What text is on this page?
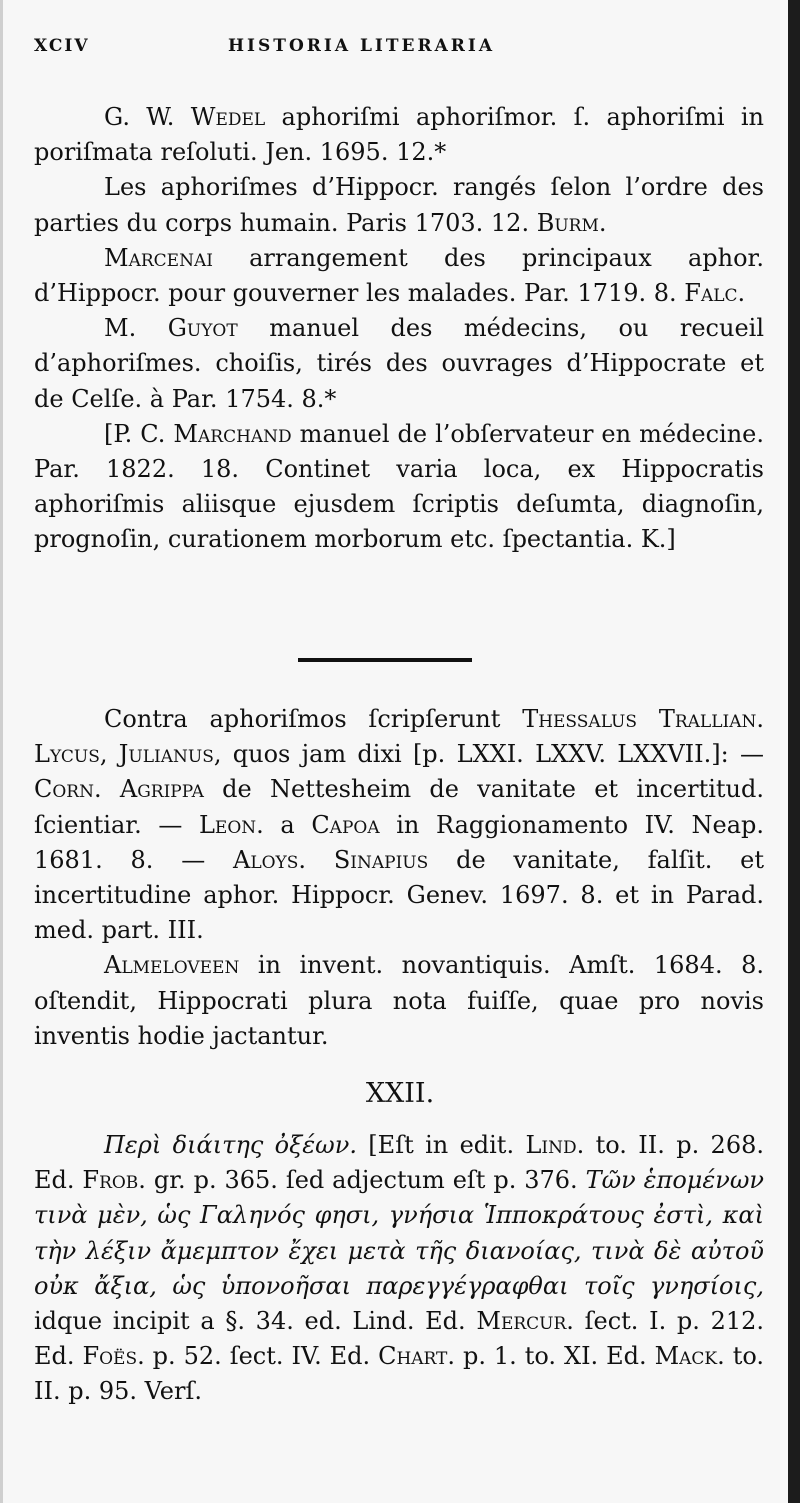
XCIV	HISTORIA LITERARIA

G. W. Wedel aphoriſmi aphoriſmor. ſ. aphoriſmi in poriſmata reſoluti. Jen. 1695. 12.*

Les aphoriſmes d’Hippocr. rangés ſelon l’ordre des parties du corps humain. Paris 1703. 12. Burm.

Marcenai arrangement des principaux aphor. d’Hippocr. pour gouverner les malades. Par. 1719. 8. Falc.

M. Guyot manuel des médecins, ou recueil d’aphoriſmes. choiſis, tirés des ouvrages d’Hippocrate et de Celſe. à Par. 1754. 8.*

[P. C. Marchand manuel de l’obſervateur en médecine. Par. 1822. 18. Continet varia loca, ex Hippocratis aphoriſmis aliisque ejusdem ſcriptis deſumta, diagnoſin, prognoſin, curationem morborum etc. ſpectantia. K.]

Contra aphoriſmos ſcripſerunt Thessalus Trallian. Lycus, Julianus, quos jam dixi [p. LXXI. LXXV. LXXVII.]: — Corn. Agrippa de Nettesheim de vanitate et incertitud. ſcientiar. — Leon. a Capoa in Raggionamento IV. Neap. 1681. 8. — Aloys. Sinapius de vanitate, falſit. et incertitudine aphor. Hippocr. Genev. 1697. 8. et in Parad. med. part. III.

Almeloveen in invent. novantiquis. Amſt. 1684. 8. oſtendit, Hippocrati plura nota fuiſſe, quae pro novis inventis hodie jactantur.

XXII.

Περὶ διάιτης ὀξέων. [Eſt in edit. Lind. to. II. p. 268. Ed. Frob. gr. p. 365. ſed adjectum eſt p. 376. Τῶν ἑπομένων τινὰ μὲν, ὡς Γαληνός φησι, γνήσια Ἱπποκράτους ἐστὶ, καὶ τὴν λέξιν ἄμεμπτον ἔχει μετὰ τῆς διανοίας, τινὰ δὲ αὐτοῦ οὐκ ἄξια, ὡς ὑπονοῆσαι παρεγγέγραφθαι τοῖς γνησίοις, idque incipit a §. 34. ed. Lind. Ed. Mercur. ſect. I. p. 212. Ed. Foës. p. 52. ſect. IV. Ed. Chart. p. 1. to. XI. Ed. Mack. to. II. p. 95. Verſ.
